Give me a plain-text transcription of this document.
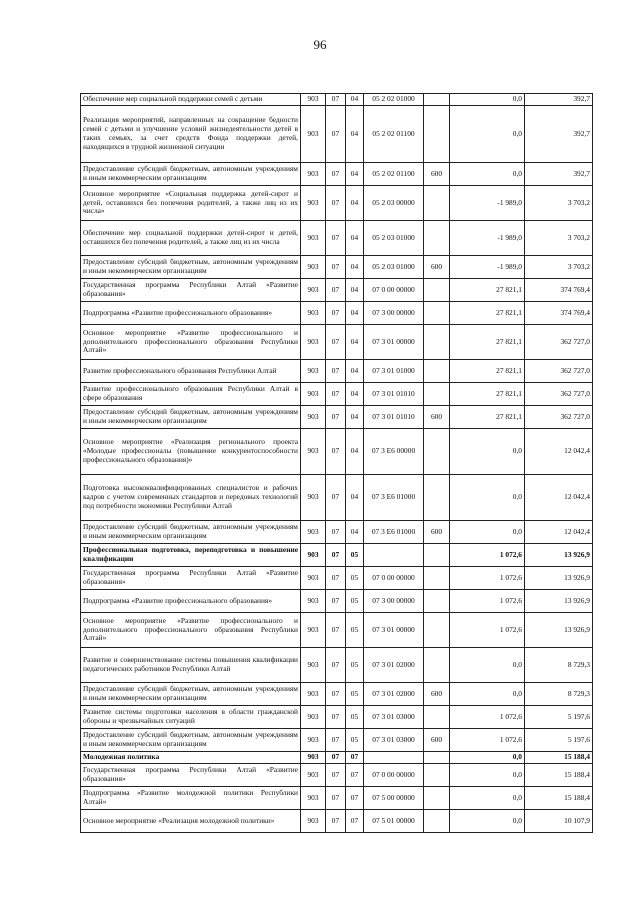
96
Обеспечение мер социальной поддержки семей с детьми	903	07	04	05 2 02 01000		0,0	392,7
Реализация мероприятий, направленных на сокращение бедности семей с детьми и улучшение условий жизнедеятельности детей в таких семьях, за счет средств Фонда поддержки детей, находящихся в трудной жизненной ситуации	903	07	04	05 2 02 01100		0,0	392,7
Предоставление субсидий бюджетным, автономным учреждениям и иным некоммерческим организациям	903	07	04	05 2 02 01100	600	0,0	392,7
Основное мероприятие «Социальная поддержка детей-сирот и детей, оставшихся без попечения родителей, а также лиц из их числа»	903	07	04	05 2 03 00000		-1 989,0	3 703,2
Обеспечение мер социальной поддержки детей-сирот и детей, оставшихся без попечения родителей, а также лиц из их числа	903	07	04	05 2 03 01000		-1 989,0	3 703,2
Предоставление субсидий бюджетным, автономным учреждениям и иным некоммерческим организациям	903	07	04	05 2 03 01000	600	-1 989,0	3 703,2
Государственная программа Республики Алтай «Развитие образования»	903	07	04	07 0 00 00000		27 821,1	374 769,4
Подпрограмма «Развитие профессионального образования»	903	07	04	07 3 00 00000		27 821,1	374 769,4
Основное мероприятие «Развитие профессионального и дополнительного профессионального образования Республики Алтай»	903	07	04	07 3 01 00000		27 821,1	362 727,0
Развитие профессионального образования Республики Алтай	903	07	04	07 3 01 01000		27 821,1	362 727,0
Развитие профессионального образования Республики Алтай в сфере образования	903	07	04	07 3 01 01010		27 821,1	362 727,0
Предоставление субсидий бюджетным, автономным учреждениям и иным некоммерческим организациям	903	07	04	07 3 01 01010	600	27 821,1	362 727,0
Основное мероприятие «Реализация регионального проекта «Молодые профессионалы (повышение конкурентоспособности профессионального образования)»	903	07	04	07 3 E6 00000		0,0	12 042,4
Подготовка высококвалифицированных специалистов и рабочих кадров с учетом современных стандартов и передовых технологий под потребности экономики Республики Алтай	903	07	04	07 3 E6 01000		0,0	12 042,4
Предоставление субсидий бюджетным, автономным учреждениям и иным некоммерческим организациям	903	07	04	07 3 E6 01000	600	0,0	12 042,4
Профессиональная подготовка, переподготовка и повышение квалификации	903	07	05			1 072,6	13 926,9
Государственная программа Республики Алтай «Развитие образования»	903	07	05	07 0 00 00000		1 072,6	13 926,9
Подпрограмма «Развитие профессионального образования»	903	07	05	07 3 00 00000		1 072,6	13 926,9
Основное мероприятие «Развитие профессионального и дополнительного профессионального образования Республики Алтай»	903	07	05	07 3 01 00000		1 072,6	13 926,9
Развитие и совершенствование системы повышения квалификации педагогических работников Республики Алтай	903	07	05	07 3 01 02000		0,0	8 729,3
Предоставление субсидий бюджетным, автономным учреждениям и иным некоммерческим организациям	903	07	05	07 3 01 02000	600	0,0	8 729,3
Развитие системы подготовки населения в области гражданской обороны и чрезвычайных ситуаций	903	07	05	07 3 01 03000		1 072,6	5 197,6
Предоставление субсидий бюджетным, автономным учреждениям и иным некоммерческим организациям	903	07	05	07 3 01 03000	600	1 072,6	5 197,6
Молодежная политика	903	07	07			0,0	15 188,4
Государственная программа Республики Алтай «Развитие образования»	903	07	07	07 0 00 00000		0,0	15 188,4
Подпрограмма «Развитие молодежной политики Республики Алтай»	903	07	07	07 5 00 00000		0,0	15 188,4
Основное мероприятие «Реализация молодежной политики»	903	07	07	07 5 01 00000		0,0	10 107,9
